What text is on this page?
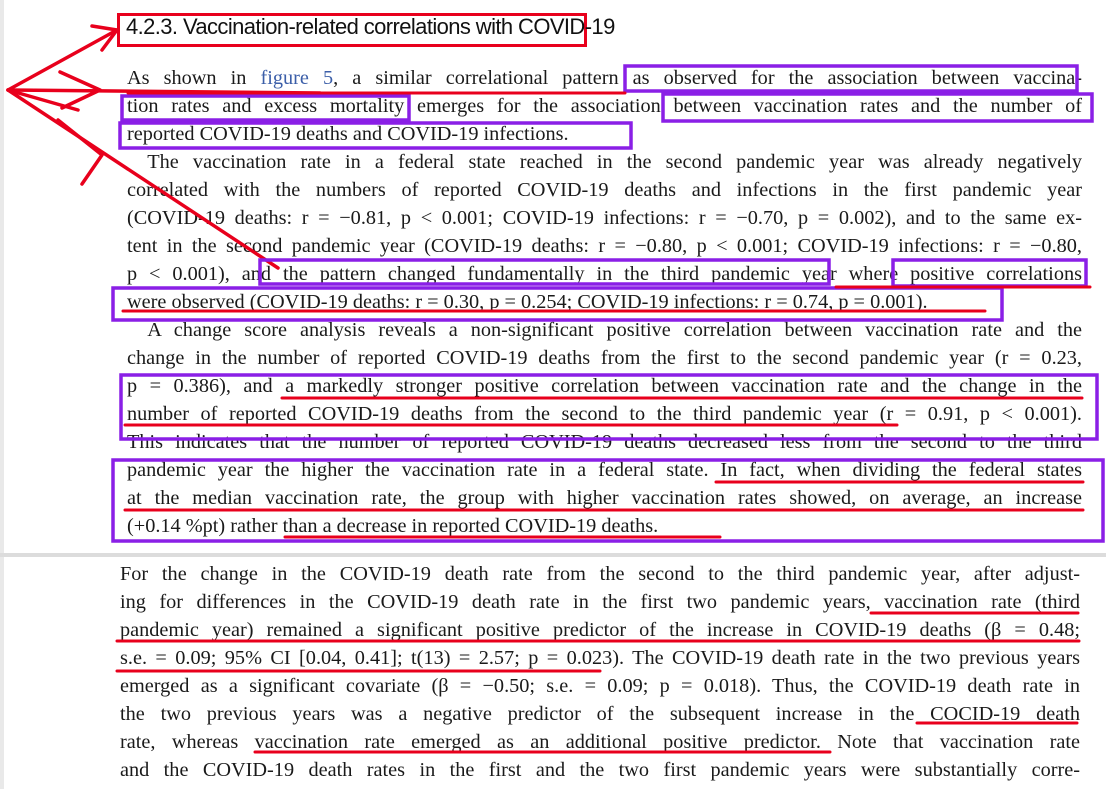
4.2.3. Vaccination-related correlations with COVID-19
As shown in figure 5, a similar correlational pattern as observed for the association between vaccina-
tion rates and excess mortality emerges for the association between vaccination rates and the number of
reported COVID-19 deaths and COVID-19 infections.
 The vaccination rate in a federal state reached in the second pandemic year was already negatively
correlated with the numbers of reported COVID-19 deaths and infections in the first pandemic year
(COVID-19 deaths: r = −0.81, p < 0.001; COVID-19 infections: r = −0.70, p = 0.002), and to the same ex-
tent in the second pandemic year (COVID-19 deaths: r = −0.80, p < 0.001; COVID-19 infections: r = −0.80,
p < 0.001), and the pattern changed fundamentally in the third pandemic year where positive correlations
were observed (COVID-19 deaths: r = 0.30, p = 0.254; COVID-19 infections: r = 0.74, p = 0.001).
 A change score analysis reveals a non-significant positive correlation between vaccination rate and the
change in the number of reported COVID-19 deaths from the first to the second pandemic year (r = 0.23,
p = 0.386), and a markedly stronger positive correlation between vaccination rate and the change in the
number of reported COVID-19 deaths from the second to the third pandemic year (r = 0.91, p < 0.001).
This indicates that the number of reported COVID-19 deaths decreased less from the second to the third
pandemic year the higher the vaccination rate in a federal state. In fact, when dividing the federal states
at the median vaccination rate, the group with higher vaccination rates showed, on average, an increase
(+0.14 %pt) rather than a decrease in reported COVID-19 deaths.
For the change in the COVID-19 death rate from the second to the third pandemic year, after adjust-
ing for differences in the COVID-19 death rate in the first two pandemic years, vaccination rate (third
pandemic year) remained a significant positive predictor of the increase in COVID-19 deaths (β = 0.48;
s.e. = 0.09; 95% CI [0.04, 0.41]; t(13) = 2.57; p = 0.023). The COVID-19 death rate in the two previous years
emerged as a significant covariate (β = −0.50; s.e. = 0.09; p = 0.018). Thus, the COVID-19 death rate in
the two previous years was a negative predictor of the subsequent increase in the COCID-19 death
rate, whereas vaccination rate emerged as an additional positive predictor. Note that vaccination rate
and the COVID-19 death rates in the first and the two first pandemic years were substantially corre-
